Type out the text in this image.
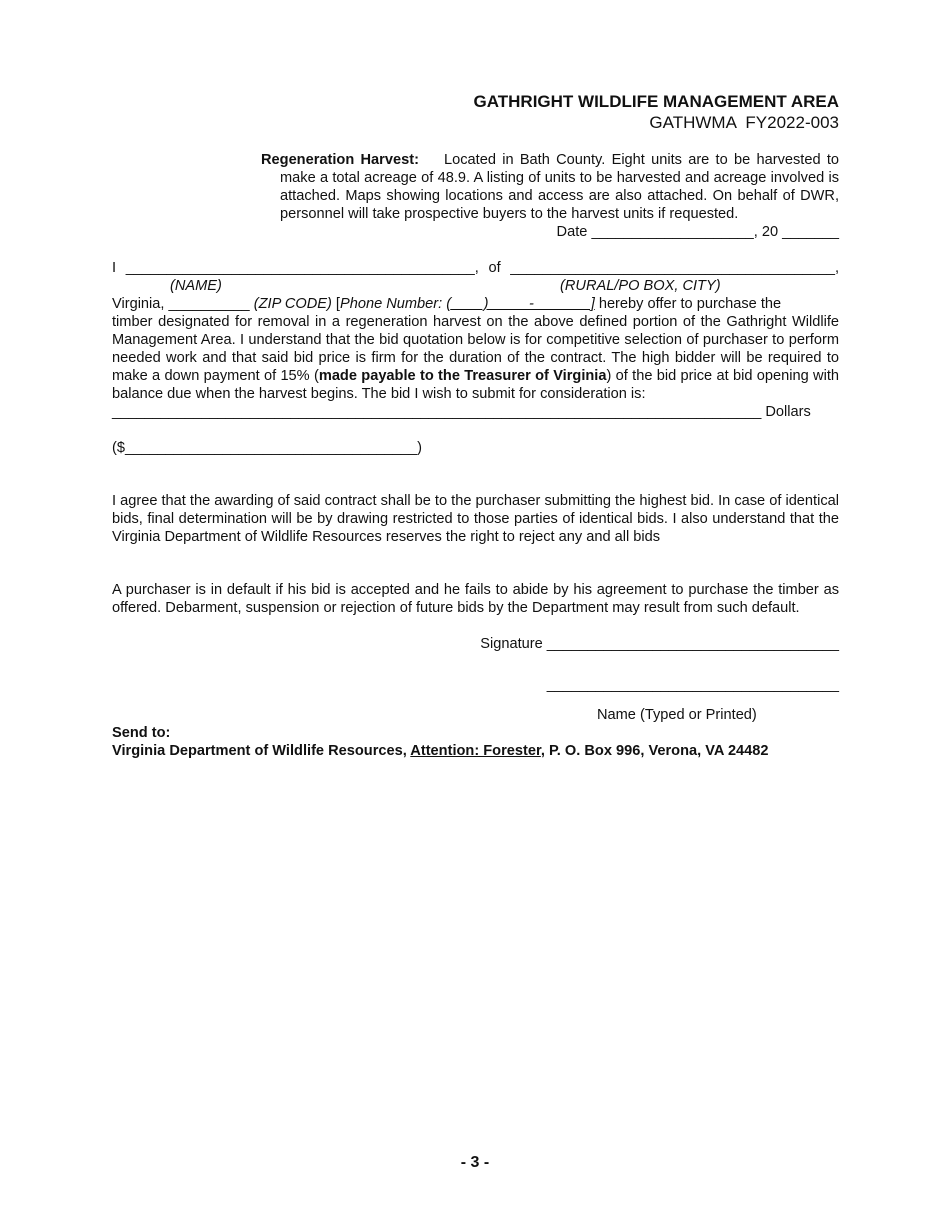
GATHRIGHT WILDLIFE MANAGEMENT AREA
GATHWMA  FY2022-003

Regeneration Harvest: Located in Bath County. Eight units are to be harvested to make a total acreage of 48.9. A listing of units to be harvested and acreage involved is attached. Maps showing locations and access are also attached. On behalf of DWR, personnel will take prospective buyers to the harvest units if requested.

Date ____________________, 20 _______
I ___________________________________________, of ________________________________________,
(NAME)	(RURAL/PO BOX, CITY)
Virginia, __________ (ZIP CODE) [Phone Number: (____)_____-_______] hereby offer to purchase the

timber designated for removal in a regeneration harvest on the above defined portion of the Gathright Wildlife Management Area. I understand that the bid quotation below is for competitive selection of purchaser to perform needed work and that said bid price is firm for the duration of the contract. The high bidder will be required to make a down payment of 15% (made payable to the Treasurer of Virginia) of the bid price at bid opening with balance due when the harvest begins. The bid I wish to submit for consideration is:

________________________________________________________________________________ Dollars
($____________________________________)

I agree that the awarding of said contract shall be to the purchaser submitting the highest bid. In case of identical bids, final determination will be by drawing restricted to those parties of identical bids. I also understand that the Virginia Department of Wildlife Resources reserves the right to reject any and all bids

A purchaser is in default if his bid is accepted and he fails to abide by his agreement to purchase the timber as offered. Debarment, suspension or rejection of future bids by the Department may result from such default.

Signature ____________________________________
____________________________________
Name (Typed or Printed)
Send to:
Virginia Department of Wildlife Resources, Attention: Forester, P. O. Box 996, Verona, VA 24482
- 3 -
